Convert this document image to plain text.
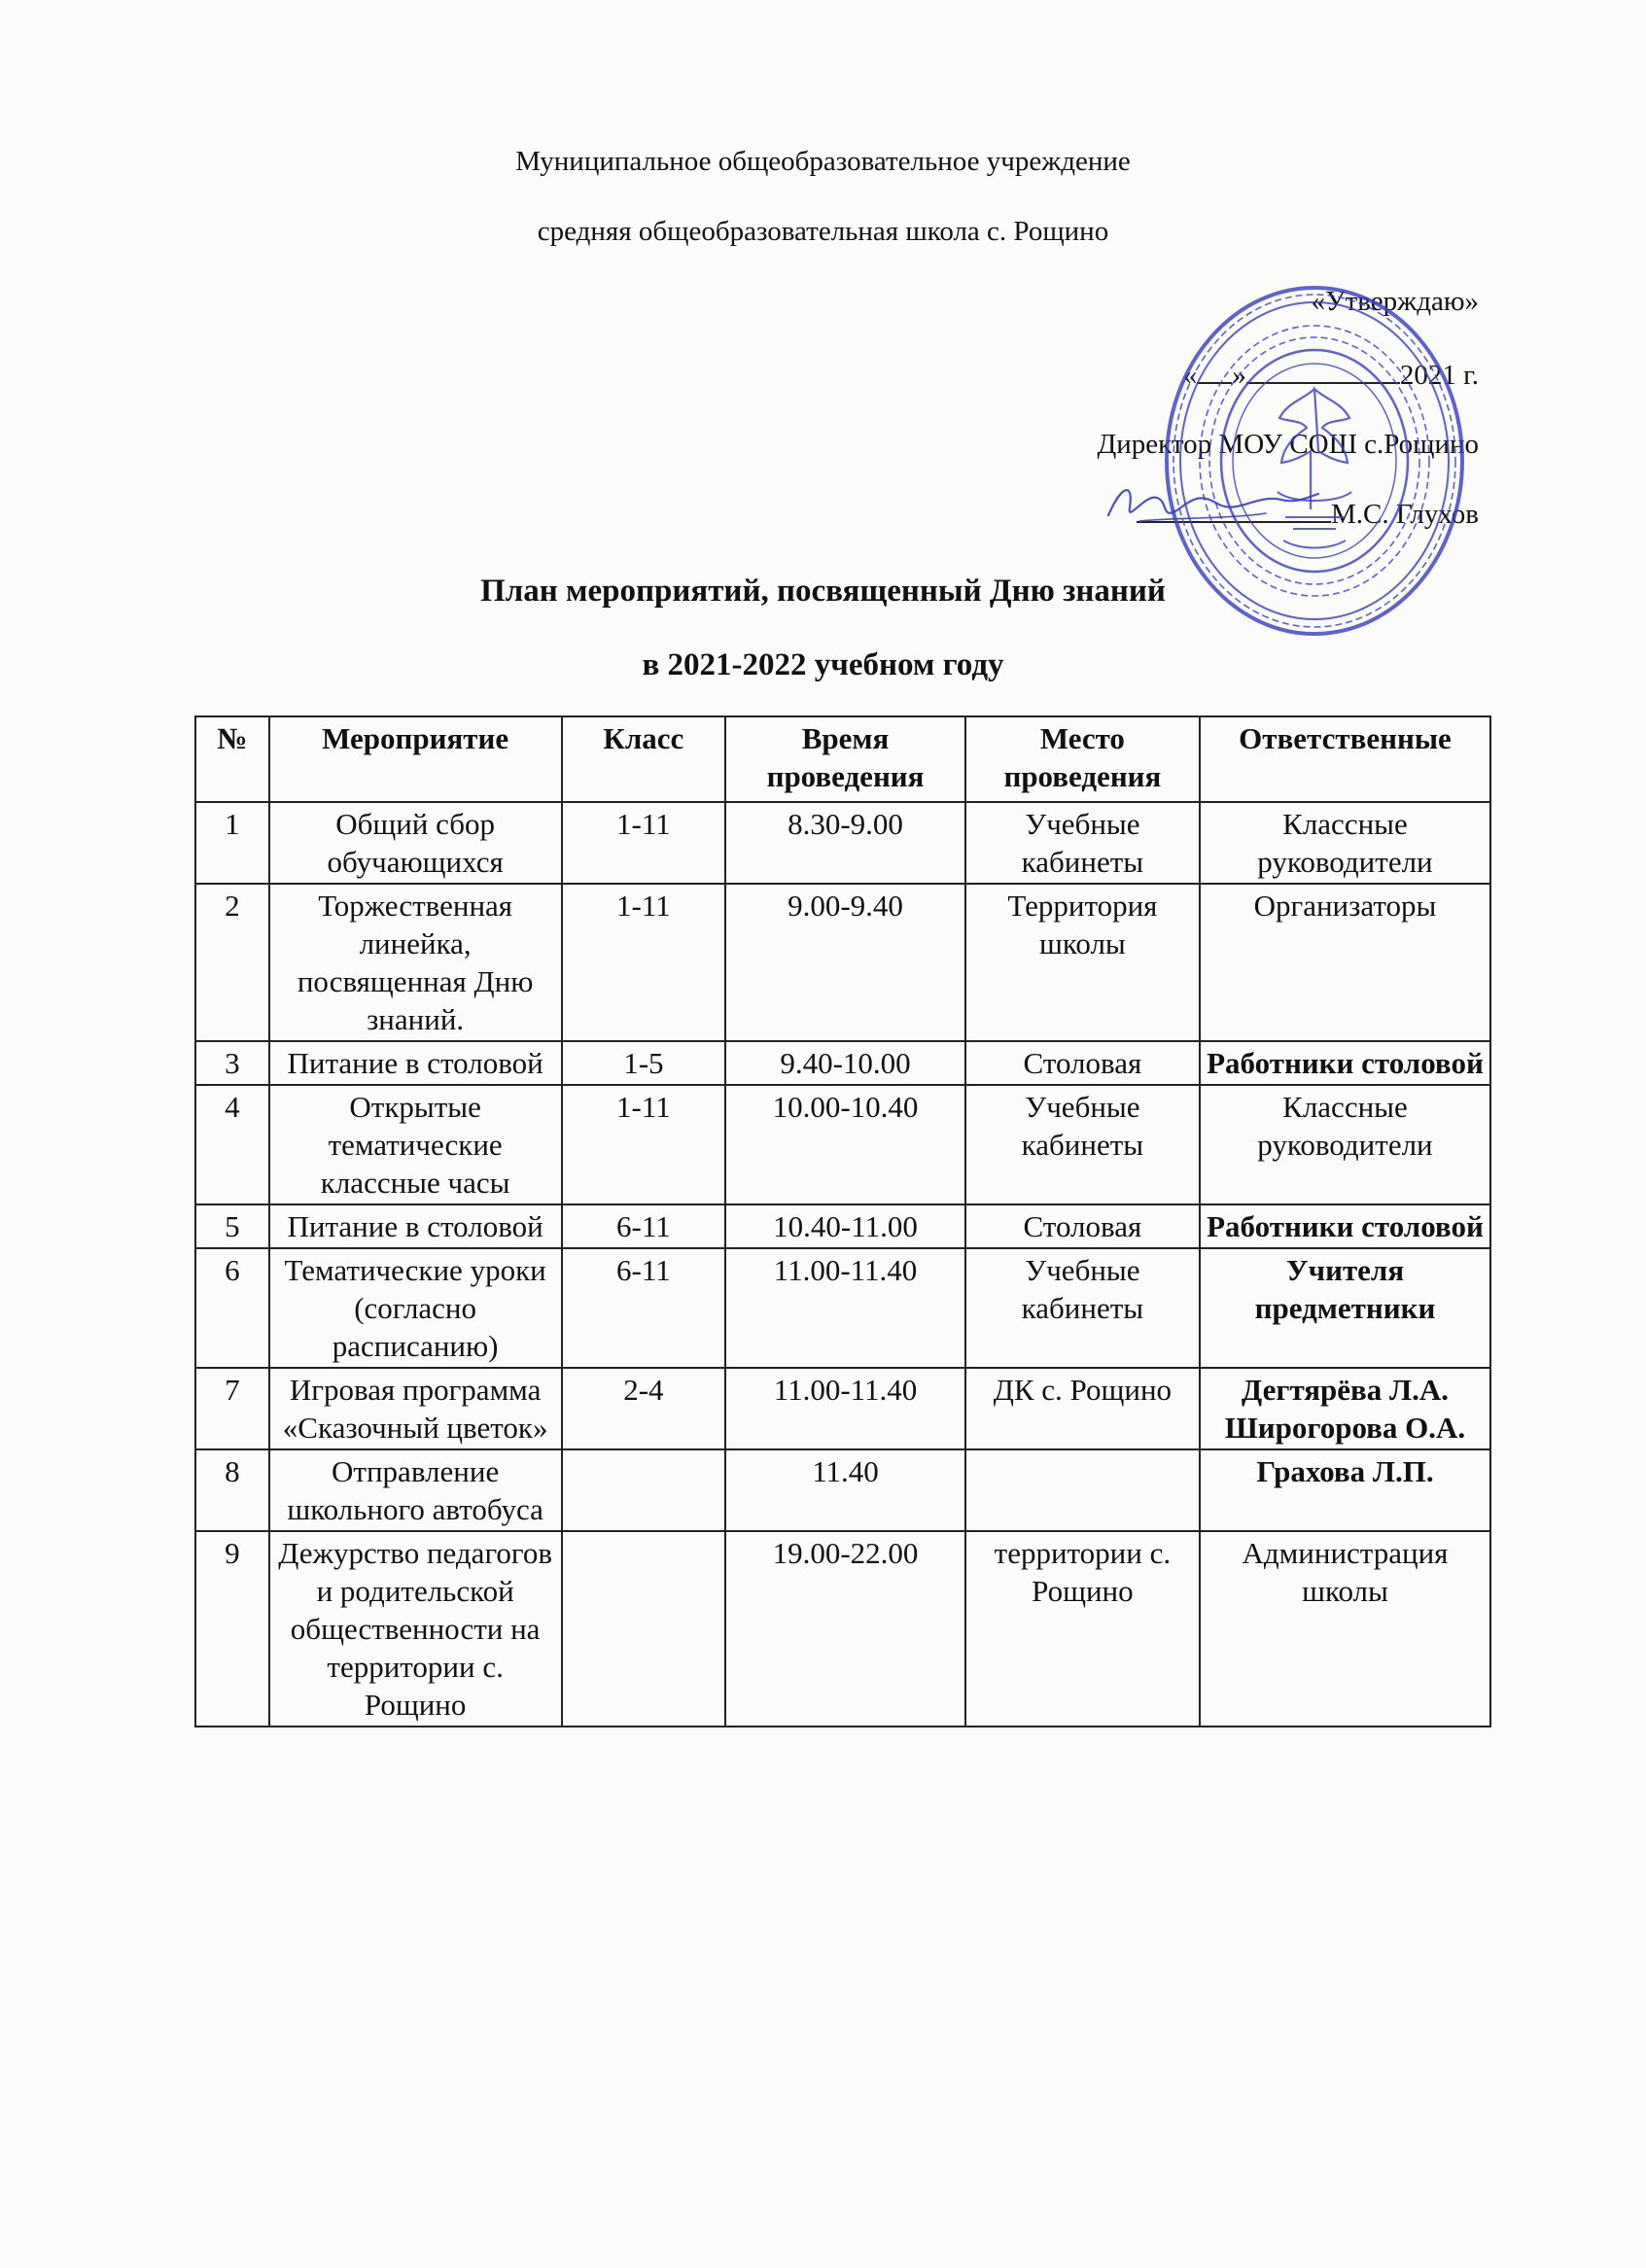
Муниципальное общеобразовательное учреждение
средняя общеобразовательная школа с. Рощино
«Утверждаю»
« »	2021 г.
Директор МОУ СОШ с.Рощино
М.С. Глухов
План мероприятий, посвященный Дню знаний
в 2021-2022 учебном году
№	Мероприятие	Класс	Время проведения	Место проведения	Ответственные
1	Общий сбор обучающихся	1-11	8.30-9.00	Учебные кабинеты	Классные руководители
2	Торжественная линейка, посвященная Дню знаний.	1-11	9.00-9.40	Территория школы	Организаторы
3	Питание в столовой	1-5	9.40-10.00	Столовая	Работники столовой
4	Открытые тематические классные часы	1-11	10.00-10.40	Учебные кабинеты	Классные руководители
5	Питание в столовой	6-11	10.40-11.00	Столовая	Работники столовой
6	Тематические уроки (согласно расписанию)	6-11	11.00-11.40	Учебные кабинеты	Учителя предметники
7	Игровая программа «Сказочный цветок»	2-4	11.00-11.40	ДК с. Рощино	Дегтярёва Л.А. Широгорова О.А.
8	Отправление школьного автобуса		11.40		Грахова Л.П.
9	Дежурство педагогов и родительской общественности на территории с. Рощино		19.00-22.00	территории с. Рощино	Администрация школы
